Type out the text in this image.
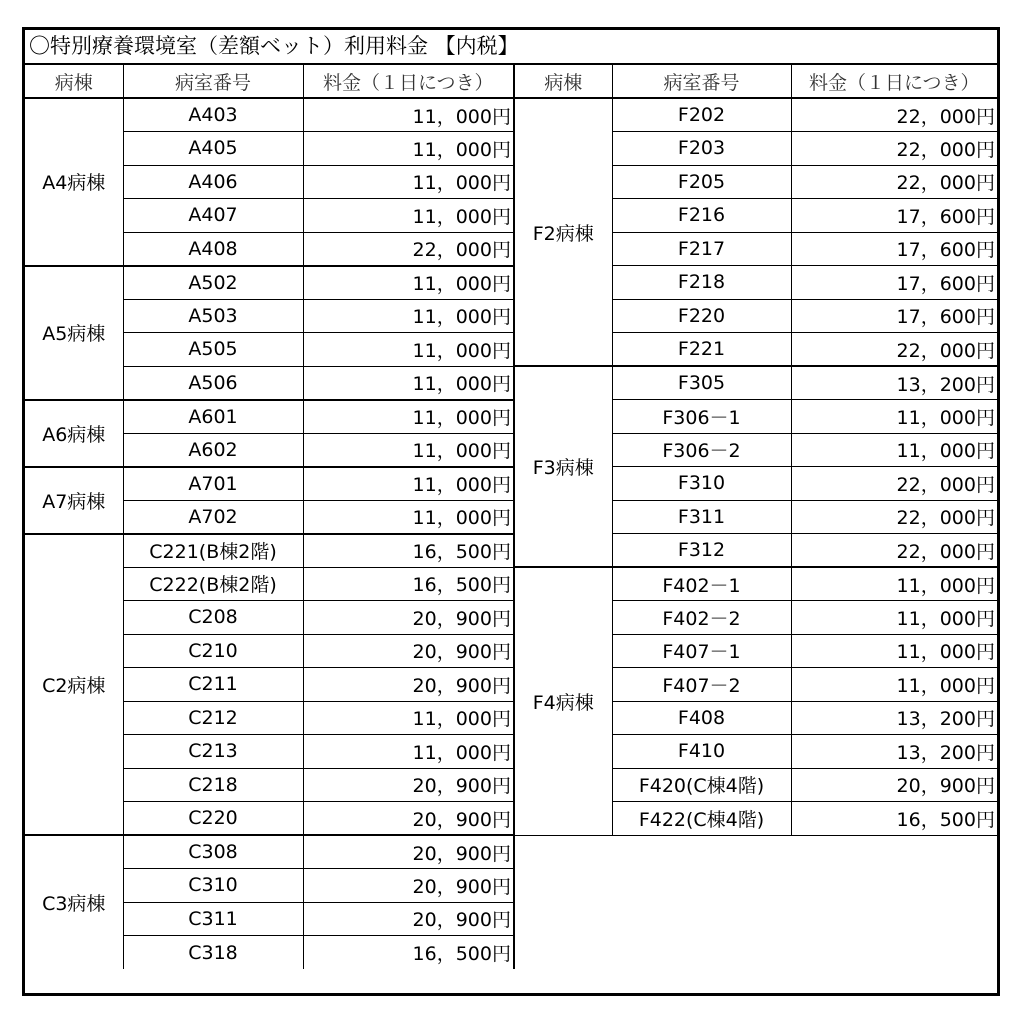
〇特別療養環境室（差額ベット）利用料金 【内税】
病棟	病室番号	料金（１日につき）	病棟	病室番号	料金（１日につき）
A4病棟	A403	11，000円	F2病棟	F202	22，000円
	A405	11，000円		F203	22，000円
	A406	11，000円		F205	22，000円
	A407	11，000円		F216	17，600円
	A408	22，000円		F217	17，600円
A5病棟	A502	11，000円		F218	17，600円
	A503	11，000円		F220	17，600円
	A505	11，000円		F221	22，000円
	A506	11，000円	F3病棟	F305	13，200円
A6病棟	A601	11，000円		F306－1	11，000円
	A602	11，000円		F306－2	11，000円
A7病棟	A701	11，000円		F310	22，000円
	A702	11，000円		F311	22，000円
C2病棟	C221(B棟2階)	16，500円		F312	22，000円
	C222(B棟2階)	16，500円	F4病棟	F402－1	11，000円
	C208	20，900円		F402－2	11，000円
	C210	20，900円		F407－1	11，000円
	C211	20，900円		F407－2	11，000円
	C212	11，000円		F408	13，200円
	C213	11，000円		F410	13，200円
	C218	20，900円		F420(C棟4階)	20，900円
	C220	20，900円		F422(C棟4階)	16，500円
C3病棟	C308	20，900円			
	C310	20，900円			
	C311	20，900円			
	C318	16，500円			
